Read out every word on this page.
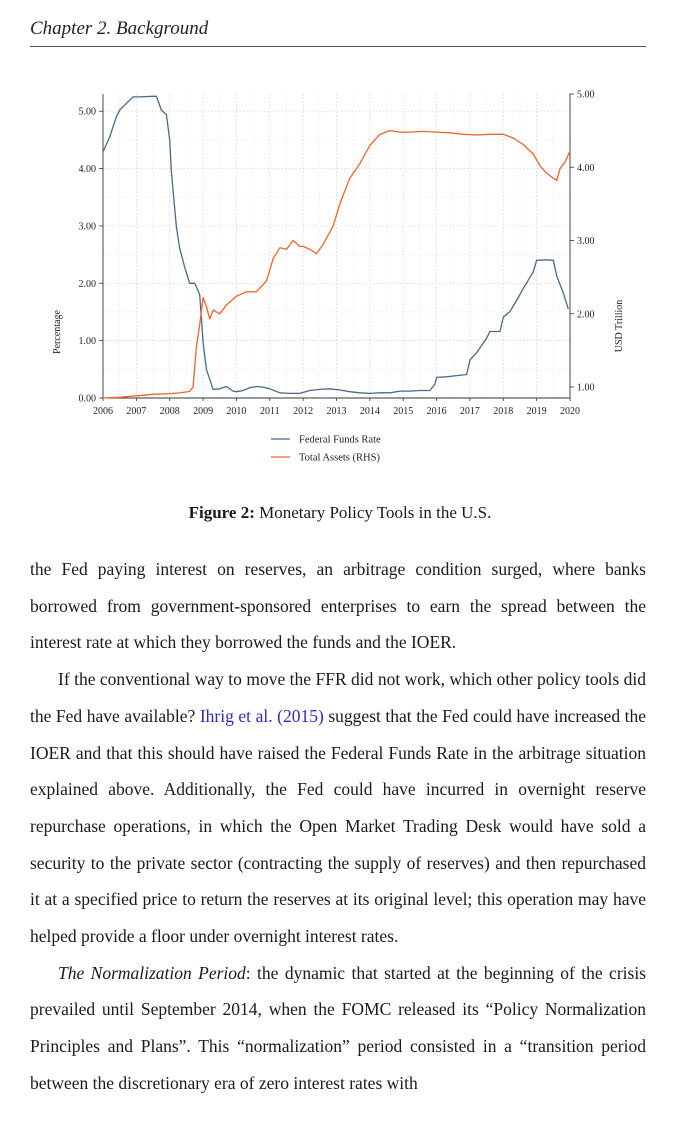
Chapter 2. Background
2006 2007 2008 2009 2010 2011 2012 2013 2014 2015 2016 2017 2018 2019 2020
0.00
1.00
2.00
3.00
4.00
5.00
1.00
2.00
3.00
4.00
5.00
Percentage	USD Trillion
Federal Funds Rate
Total Assets (RHS)
Figure 2: Monetary Policy Tools in the U.S.

the Fed paying interest on reserves, an arbitrage condition surged, where banks borrowed from government-sponsored enterprises to earn the spread between the interest rate at which they borrowed the funds and the IOER.

If the conventional way to move the FFR did not work, which other policy tools did the Fed have available? Ihrig et al. (2015) suggest that the Fed could have increased the IOER and that this should have raised the Federal Funds Rate in the arbitrage situation explained above. Additionally, the Fed could have incurred in overnight reserve repurchase operations, in which the Open Market Trading Desk would have sold a security to the private sector (contracting the supply of reserves) and then repurchased it at a specified price to return the reserves at its original level; this operation may have helped provide a floor under overnight interest rates.

The Normalization Period: the dynamic that started at the beginning of the crisis prevailed until September 2014, when the FOMC released its “Policy Normalization Principles and Plans”. This “normalization” period consisted in a “transition period between the discretionary era of zero interest rates with
